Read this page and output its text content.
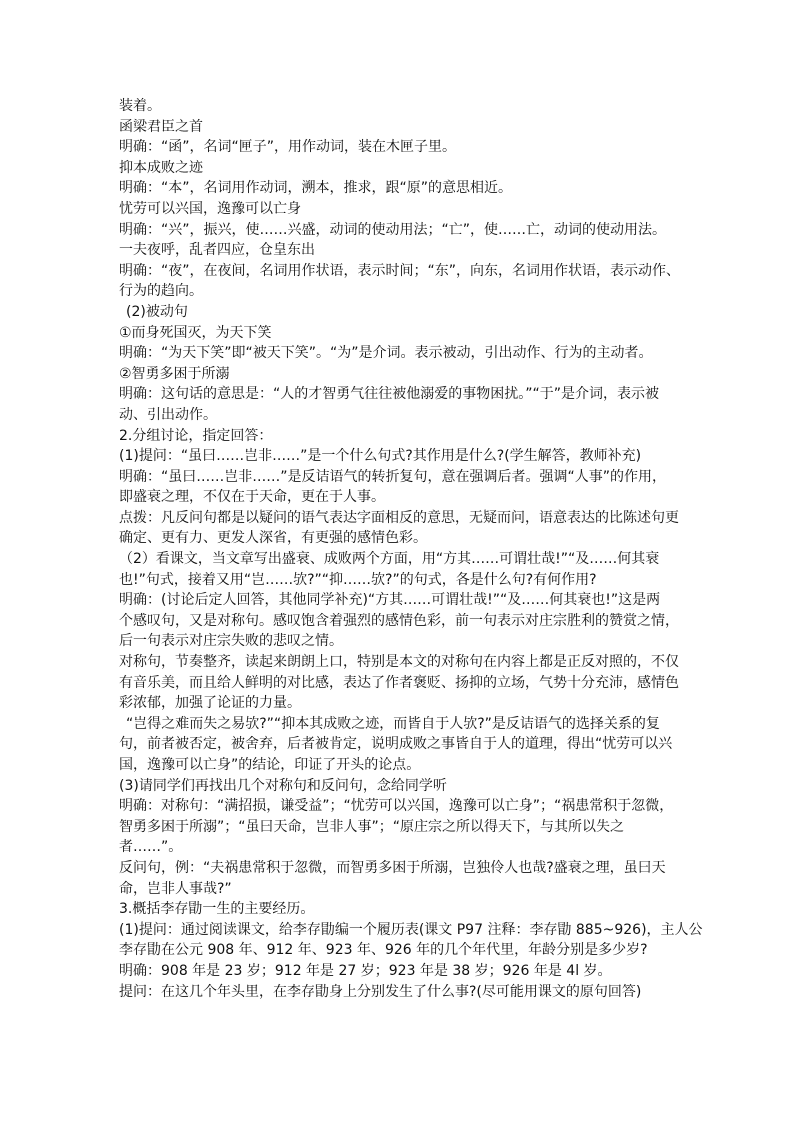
装着。
函梁君臣之首
明确：“函”，名词“匣子”，用作动词，装在木匣子里。
抑本成败之迹
明确：“本”，名词用作动词，溯本，推求，跟“原”的意思相近。
忧劳可以兴国，逸豫可以亡身
明确：“兴”，振兴，使……兴盛，动词的使动用法；“亡”，使……亡，动词的使动用法。
一夫夜呼，乱者四应，仓皇东出
明确：“夜”，在夜间，名词用作状语，表示时间；“东”，向东，名词用作状语，表示动作、
行为的趋向。
(2)被动句
①而身死国灭，为天下笑
明确：“为天下笑”即“被天下笑”。“为”是介词。表示被动，引出动作、行为的主动者。
②智勇多困于所溺
明确：这句话的意思是：“人的才智勇气往往被他溺爱的事物困扰。”“于”是介词，表示被
动、引出动作。
2.分组讨论，指定回答：
(1)提问：“虽曰……岂非……”是一个什么句式?其作用是什么?(学生解答，教师补充)
明确：“虽曰……岂非……”是反诘语气的转折复句，意在强调后者。强调“人事”的作用，
即盛衰之理，不仅在于天命，更在于人事。
点拨：凡反问句都是以疑问的语气表达字面相反的意思，无疑而问，语意表达的比陈述句更
确定、更有力、更发人深省，有更强的感情色彩。
（2）看课文，当文章写出盛衰、成败两个方面，用“方其……可谓壮哉!”“及……何其衰
也!”句式，接着又用“岂……欤?”“抑……欤?”的句式，各是什么句?有何作用?
明确：(讨论后定人回答，其他同学补充)“方其……可谓壮哉!”“及……何其衰也!”这是两
个感叹句，又是对称句。感叹饱含着强烈的感情色彩，前一句表示对庄宗胜利的赞赏之情，
后一句表示对庄宗失败的悲叹之情。
对称句，节奏整齐，读起来朗朗上口，特别是本文的对称句在内容上都是正反对照的，不仅
有音乐美，而且给人鲜明的对比感，表达了作者褒贬、扬抑的立场，气势十分充沛，感情色
彩浓郁，加强了论证的力量。
“岂得之难而失之易欤?”“抑本其成败之迹，而皆自于人欤?”是反诘语气的选择关系的复
句，前者被否定，被舍弃，后者被肯定，说明成败之事皆自于人的道理，得出“忧劳可以兴
国，逸豫可以亡身”的结论，印证了开头的论点。
(3)请同学们再找出几个对称句和反问句，念给同学听
明确：对称句：“满招损，谦受益”；“忧劳可以兴国，逸豫可以亡身”；“祸患常积于忽微，
智勇多困于所溺”；“虽曰天命，岂非人事”；“原庄宗之所以得天下，与其所以失之
者……”。
反问句，例：“夫祸患常积于忽微，而智勇多困于所溺，岂独伶人也哉?盛衰之理，虽曰天
命，岂非人事哉?”
3.概括李存勖一生的主要经历。
(1)提问：通过阅读课文，给李存勖编一个履历表(课文 P97 注释：李存勖 885~926)，主人公
李存勖在公元 908 年、912 年、923 年、926 年的几个年代里，年龄分别是多少岁?
明确：908 年是 23 岁；912 年是 27 岁；923 年是 38 岁；926 年是 4l 岁。
提问：在这几个年头里，在李存勖身上分别发生了什么事?(尽可能用课文的原句回答)
